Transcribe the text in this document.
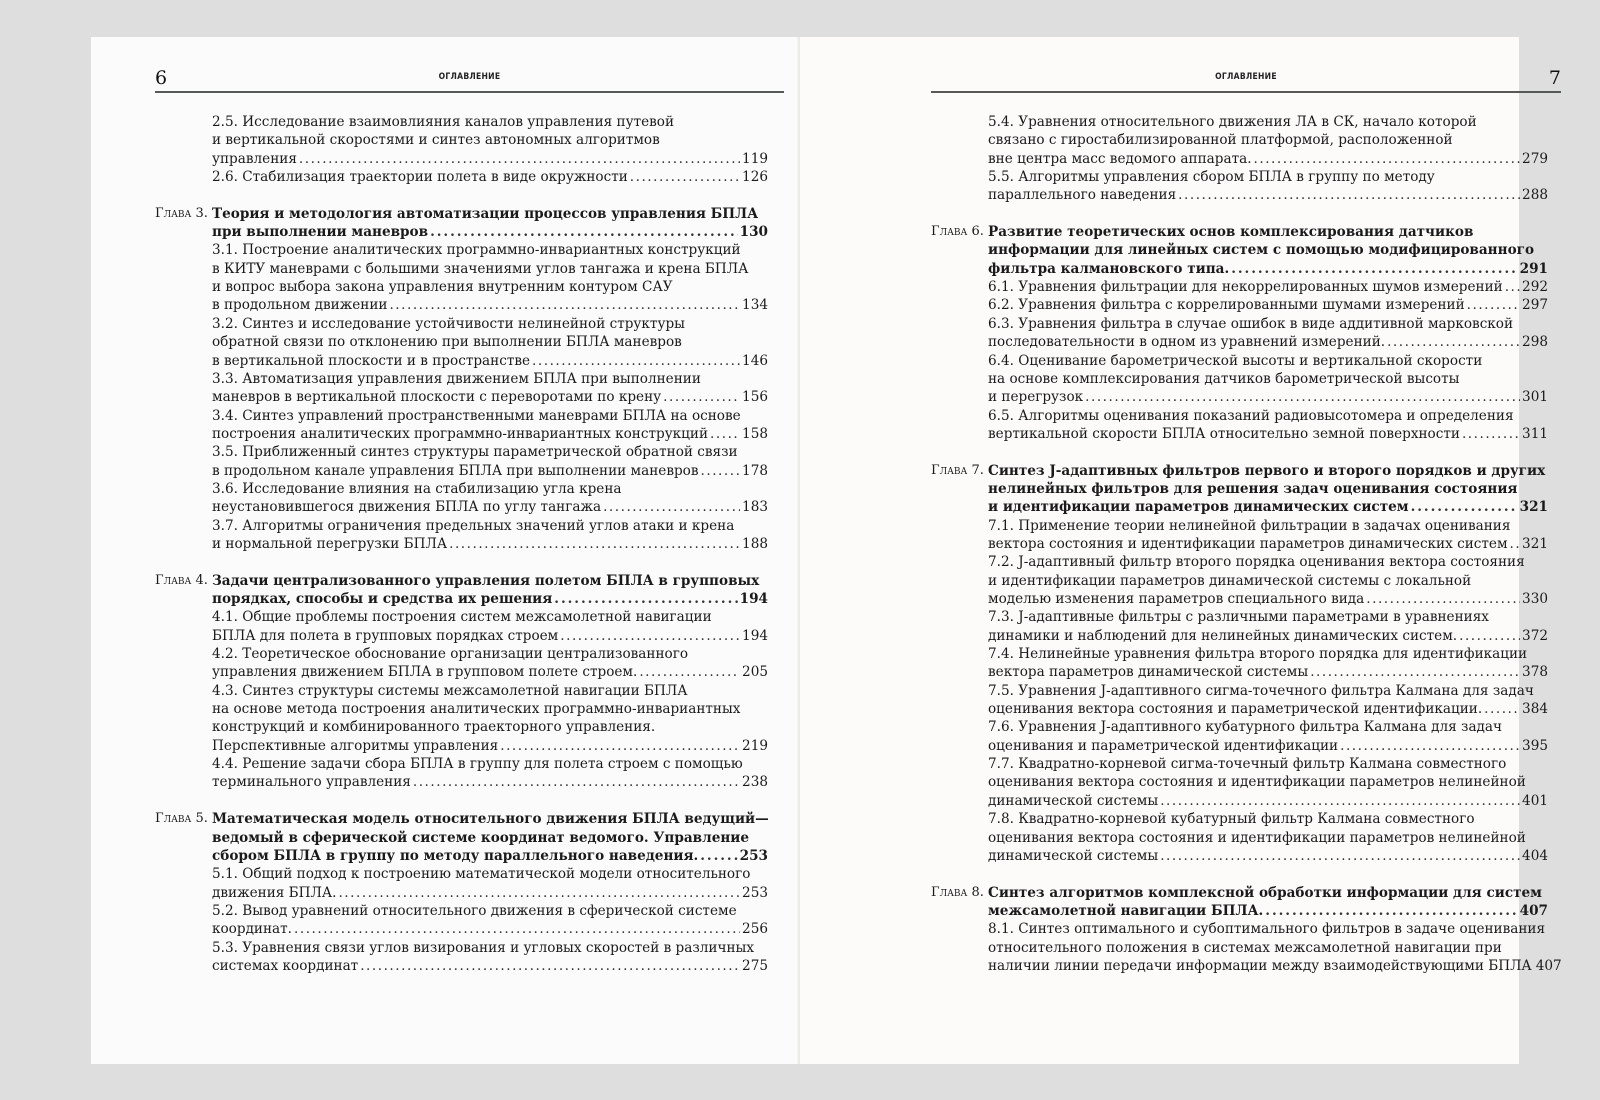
6	ОГЛАВЛЕНИЕ
2.5. Исследование взаимовлияния каналов управления путевой
и вертикальной скоростями и синтез автономных алгоритмов
управления . . .	119
2.6. Стабилизация траектории полета в виде окружности . . .	126
Глава 3. Теория и методология автоматизации процессов управления БПЛА
при выполнении маневров . . .	130
3.1. Построение аналитических программно-инвариантных конструкций
в КИТУ маневрами с большими значениями углов тангажа и крена БПЛА
и вопрос выбора закона управления внутренним контуром САУ
в продольном движении . . .	134
3.2. Синтез и исследование устойчивости нелинейной структуры
обратной связи по отклонению при выполнении БПЛА маневров
в вертикальной плоскости и в пространстве . . .	146
3.3. Автоматизация управления движением БПЛА при выполнении
маневров в вертикальной плоскости с переворотами по крену . . .	156
3.4. Синтез управлений пространственными маневрами БПЛА на основе
построения аналитических программно-инвариантных конструкций . . .	158
3.5. Приближенный синтез структуры параметрической обратной связи
в продольном канале управления БПЛА при выполнении маневров . . .	178
3.6. Исследование влияния на стабилизацию угла крена
неустановившегося движения БПЛА по углу тангажа . . .	183
3.7. Алгоритмы ограничения предельных значений углов атаки и крена
и нормальной перегрузки БПЛА . . .	188
Глава 4. Задачи централизованного управления полетом БПЛА в групповых
порядках, способы и средства их решения . . .	194
4.1. Общие проблемы построения систем межсамолетной навигации
БПЛА для полета в групповых порядках строем . . .	194
4.2. Теоретическое обоснование организации централизованного
управления движением БПЛА в групповом полете строем. . . .	205
4.3. Синтез структуры системы межсамолетной навигации БПЛА
на основе метода построения аналитических программно-инвариантных
конструкций и комбинированного траекторного управления.
Перспективные алгоритмы управления . . .	219
4.4. Решение задачи сбора БПЛА в группу для полета строем с помощью
терминального управления . . .	238
Глава 5. Математическая модель относительного движения БПЛА ведущий—
ведомый в сферической системе координат ведомого. Управление
сбором БПЛА в группу по методу параллельного наведения. . . .	253
5.1. Общий подход к построению математической модели относительного
движения БПЛА. . . .	253
5.2. Вывод уравнений относительного движения в сферической системе
координат. . . .	256
5.3. Уравнения связи углов визирования и угловых скоростей в различных
системах координат . . .	275
7
ОГЛАВЛЕНИЕ
5.4. Уравнения относительного движения ЛА в СК, начало которой
связано с гиростабилизированной платформой, расположенной
вне центра масс ведомого аппарата. . . .	279
5.5. Алгоритмы управления сбором БПЛА в группу по методу
параллельного наведения . . .	288
Глава 6. Развитие теоретических основ комплексирования датчиков
информации для линейных систем с помощью модифицированного
фильтра калмановского типа. . . .	291
6.1. Уравнения фильтрации для некоррелированных шумов измерений . . . 292
6.2. Уравнения фильтра с коррелированными шумами измерений . . .	297
6.3. Уравнения фильтра в случае ошибок в виде аддитивной марковской
последовательности в одном из уравнений измерений. . . .	298
6.4. Оценивание барометрической высоты и вертикальной скорости
на основе комплексирования датчиков барометрической высоты
и перегрузок . . .	301
6.5. Алгоритмы оценивания показаний радиовысотомера и определения
вертикальной скорости БПЛА относительно земной поверхности . . .	311
Глава 7. Синтез J-адаптивных фильтров первого и второго порядков и других
нелинейных фильтров для решения задач оценивания состояния
и идентификации параметров динамических систем . . .	321
7.1. Применение теории нелинейной фильтрации в задачах оценивания
вектора состояния и идентификации параметров динамических систем . . . 321
7.2. J-адаптивный фильтр второго порядка оценивания вектора состояния
и идентификации параметров динамической системы с локальной
моделью изменения параметров специального вида . . .	330
7.3. J-адаптивные фильтры с различными параметрами в уравнениях
динамики и наблюдений для нелинейных динамических систем. . . .	372
7.4. Нелинейные уравнения фильтра второго порядка для идентификации
вектора параметров динамической системы . . .	378
7.5. Уравнения J-адаптивного сигма-точечного фильтра Калмана для задач
оценивания вектора состояния и параметрической идентификации. . . .	384
7.6. Уравнения J-адаптивного кубатурного фильтра Калмана для задач
оценивания и параметрической идентификации . . .	395
7.7. Квадратно-корневой сигма-точечный фильтр Калмана совместного
оценивания вектора состояния и идентификации параметров нелинейной
динамической системы . . .	401
7.8. Квадратно-корневой кубатурный фильтр Калмана совместного
оценивания вектора состояния и идентификации параметров нелинейной
динамической системы . . .	404
Глава 8. Синтез алгоритмов комплексной обработки информации для систем
межсамолетной навигации БПЛА. . . .	407
8.1. Синтез оптимального и субоптимального фильтров в задаче оценивания
относительного положения в системах межсамолетной навигации при
наличии линии передачи информации между взаимодействующими БПЛА 407
